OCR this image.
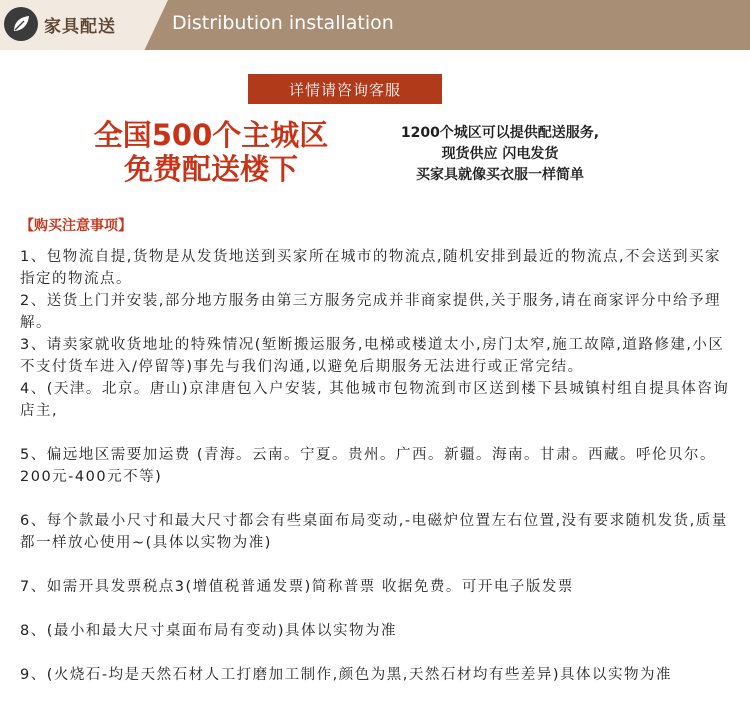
家具配送	Distribution installation
详情请咨询客服
全国500个主城区
免费配送楼下
1200个城区可以提供配送服务,
现货供应 闪电发货
买家具就像买衣服一样简单
【购买注意事项】

1、包物流自提,货物是从发货地送到买家所在城市的物流点,随机安排到最近的物流点,不会送到买家指定的物流点。

2、送货上门并安装,部分地方服务由第三方服务完成并非商家提供,关于服务,请在商家评分中给予理解。

3、请卖家就收货地址的特殊情况(堑断搬运服务,电梯或楼道太小,房门太窄,施工故障,道路修建,小区不支付货车进入/停留等)事先与我们沟通,以避免后期服务无法进行或正常完结。

4、(天津。北京。唐山)京津唐包入户安装, 其他城市包物流到市区送到楼下县城镇村组自提具体咨询店主,

5、偏远地区需要加运费 (青海。云南。宁夏。贵州。广西。新疆。海南。甘肃。西藏。呼伦贝尔。200元-400元不等)

6、每个款最小尺寸和最大尺寸都会有些桌面布局变动,-电磁炉位置左右位置,没有要求随机发货,质量都一样放心使用~(具体以实物为准)

7、如需开具发票税点3(增值税普通发票)简称普票 收据免费。可开电子版发票

8、(最小和最大尺寸桌面布局有变动)具体以实物为准

9、(火烧石-均是天然石材人工打磨加工制作,颜色为黑,天然石材均有些差异)具体以实物为准
